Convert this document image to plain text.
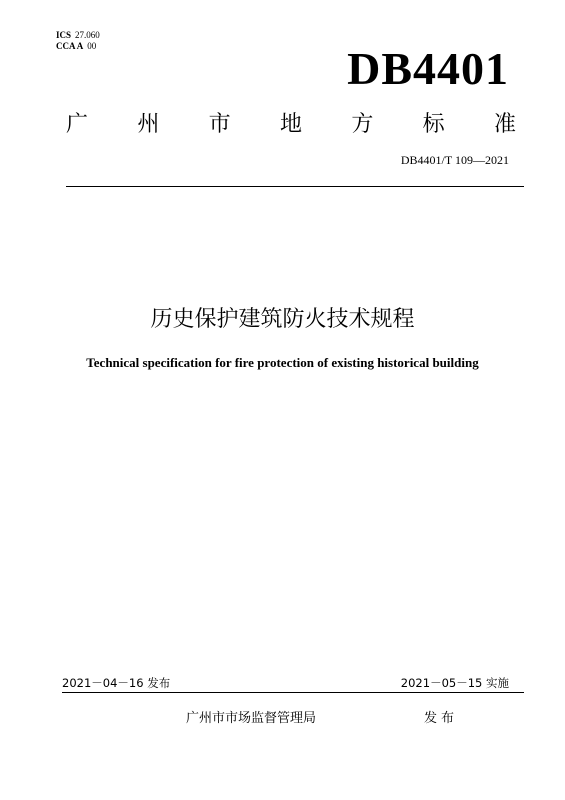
ICS 27.060
CCA A 00	DB4401
广 州 市 地 方 标 准
DB4401/T 109—2021
历史保护建筑防火技术规程
Technical specification for fire protection of existing historical building
2021－04－16 发布	2021－05－15 实施
广州市市场监督管理局	发布
